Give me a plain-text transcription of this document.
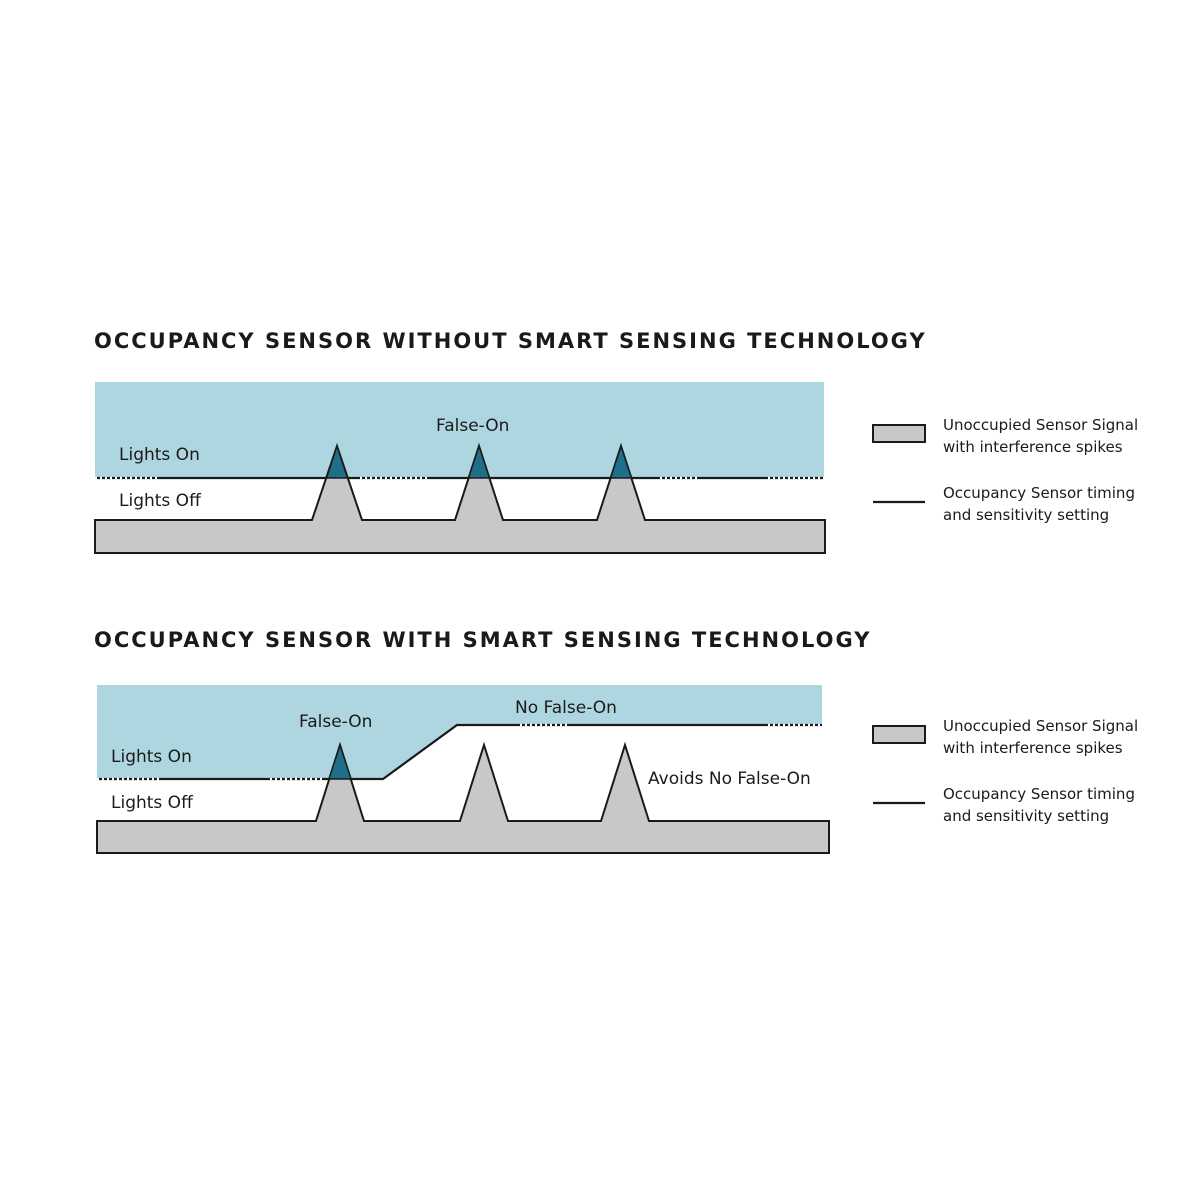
OCCUPANCY SENSOR WITHOUT SMART SENSING TECHNOLOGY
Lights On
Lights Off
False-On
OCCUPANCY SENSOR WITH SMART SENSING TECHNOLOGY
Lights On
Lights Off
False-On
No False-On
Avoids No False-On
Unoccupied Sensor Signal
with interference spikes
Occupancy Sensor timing
and sensitivity setting
Unoccupied Sensor Signal
with interference spikes
Occupancy Sensor timing
and sensitivity setting
